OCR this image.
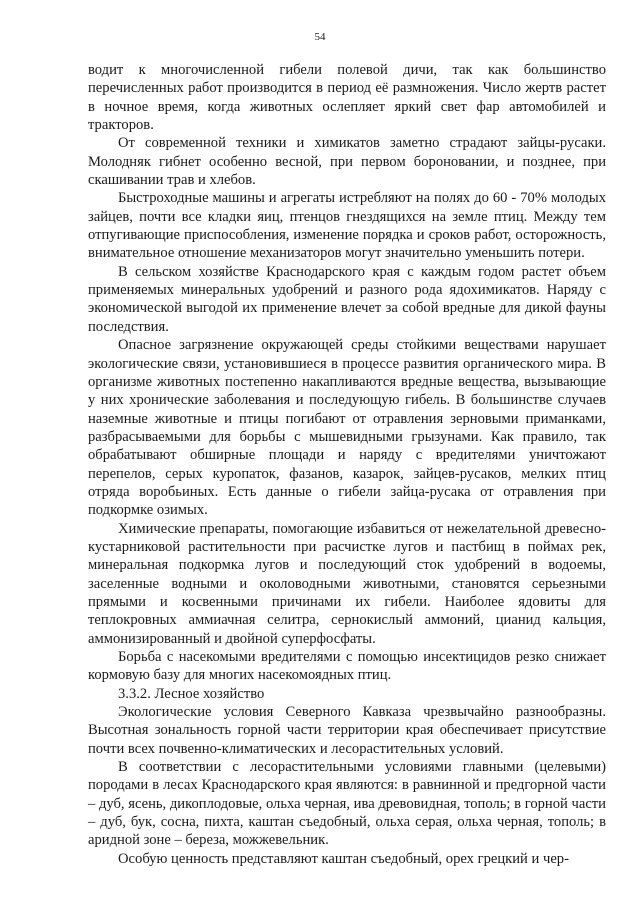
54

водит к многочисленной гибели полевой дичи, так как большинство перечисленных работ производится в период её размножения. Число жертв растет в ночное время, когда животных ослепляет яркий свет фар автомобилей и тракторов.

От современной техники и химикатов заметно страдают зайцы-русаки. Молодняк гибнет особенно весной, при первом бороновании, и позднее, при скашивании трав и хлебов.

Быстроходные машины и агрегаты истребляют на полях до 60 - 70% молодых зайцев, почти все кладки яиц, птенцов гнездящихся на земле птиц. Между тем отпугивающие приспособления, изменение порядка и сроков работ, осторожность, внимательное отношение механизаторов могут значительно уменьшить потери.

В сельском хозяйстве Краснодарского края с каждым годом растет объем применяемых минеральных удобрений и разного рода ядохимикатов. Наряду с экономической выгодой их применение влечет за собой вредные для дикой фауны последствия.

Опасное загрязнение окружающей среды стойкими веществами нарушает экологические связи, установившиеся в процессе развития органического мира. В организме животных постепенно накапливаются вредные вещества, вызывающие у них хронические заболевания и последующую гибель. В большинстве случаев наземные животные и птицы погибают от отравления зерновыми приманками, разбрасываемыми для борьбы с мышевидными грызунами. Как правило, так обрабатывают обширные площади и наряду с вредителями уничтожают перепелов, серых куропаток, фазанов, казарок, зайцев-русаков, мелких птиц отряда воробьиных. Есть данные о гибели зайца-русака от отравления при подкормке озимых.

Химические препараты, помогающие избавиться от нежелательной древесно-кустарниковой растительности при расчистке лугов и пастбищ в поймах рек, минеральная подкормка лугов и последующий сток удобрений в водоемы, заселенные водными и околоводными животными, становятся серьезными прямыми и косвенными причинами их гибели. Наиболее ядовиты для теплокровных аммиачная селитра, сернокислый аммоний, цианид кальция, аммонизированный и двойной суперфосфаты.

Борьба с насекомыми вредителями с помощью инсектицидов резко снижает кормовую базу для многих насекомоядных птиц.

3.3.2. Лесное хозяйство

Экологические условия Северного Кавказа чрезвычайно разнообразны. Высотная зональность горной части территории края обеспечивает присутствие почти всех почвенно-климатических и лесорастительных условий.

В соответствии с лесорастительными условиями главными (целевыми) породами в лесах Краснодарского края являются: в равнинной и предгорной части – дуб, ясень, дикоплодовые, ольха черная, ива древовидная, тополь; в горной части – дуб, бук, сосна, пихта, каштан съедобный, ольха серая, ольха черная, тополь; в аридной зоне – береза, можжевельник.

Особую ценность представляют каштан съедобный, орех грецкий и чер-
